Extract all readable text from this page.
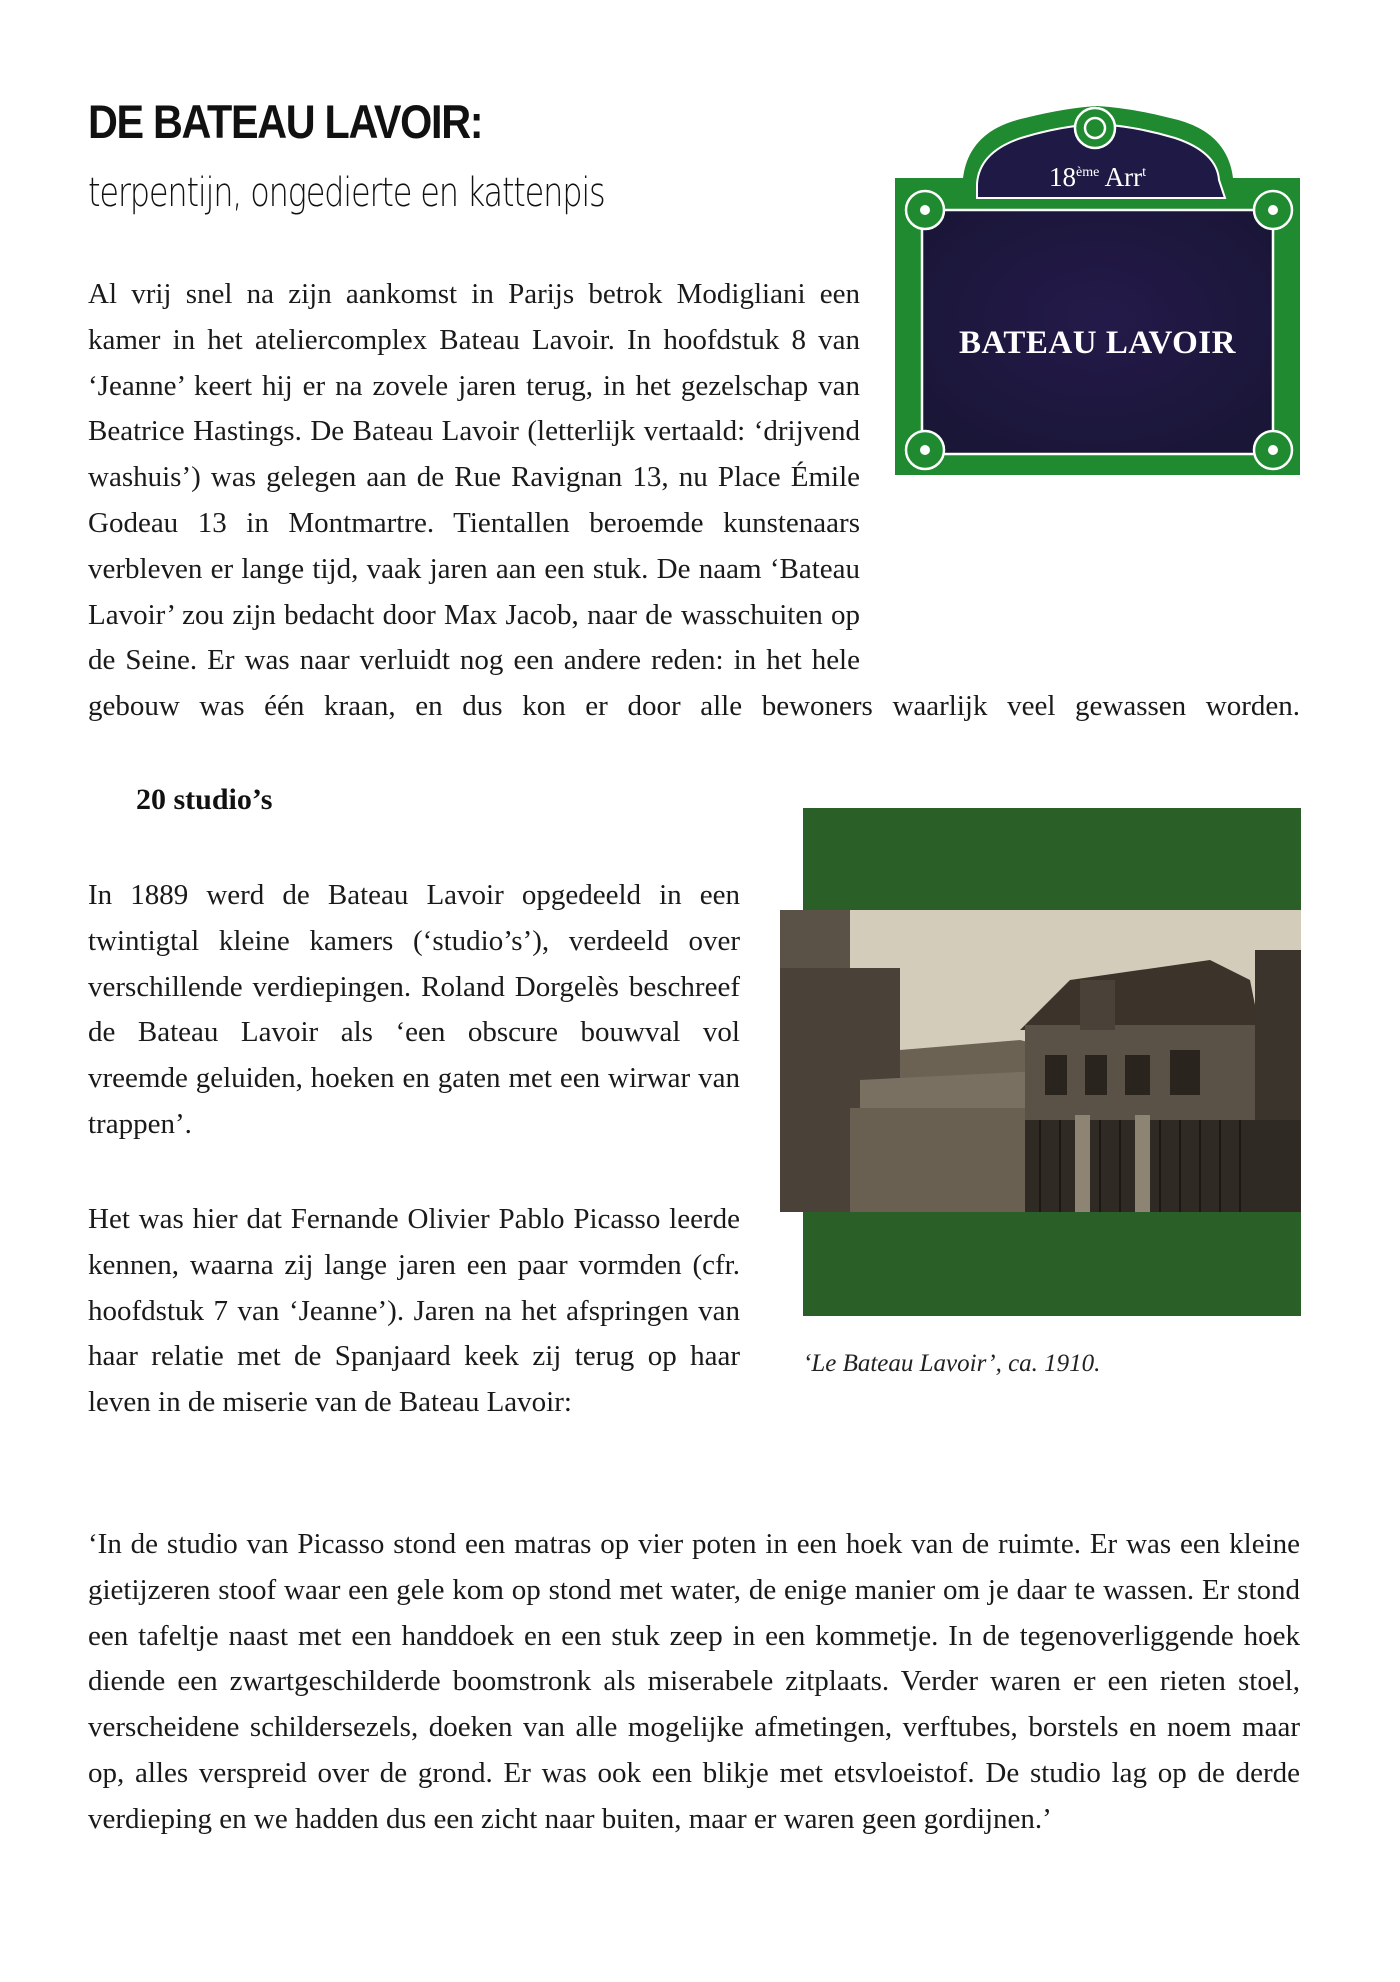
DE BATEAU LAVOIR:
terpentijn, ongedierte en kattenpis	18ème Arr$^t$
BATEAU LAVOIR

Al vrij snel na zijn aankomst in Parijs betrok Modigliani een kamer in het ateliercomplex Bateau Lavoir. In hoofdstuk 8 van ‘Jeanne’ keert hij er na zovele jaren terug, in het gezelschap van Beatrice Hastings. De Bateau Lavoir (letterlijk vertaald: ‘drijvend washuis’) was gelegen aan de Rue Ravignan 13, nu Place Émile Godeau 13 in Montmartre. Tientallen beroemde kunstenaars verbleven er lange tijd, vaak jaren aan een stuk. De naam ‘Bateau Lavoir’ zou zijn bedacht door Max Jacob, naar de wasschuiten op de Seine. Er was naar verluidt nog een andere reden: in het hele gebouw was één kraan, en dus kon er door alle bewoners waarlijk veel gewassen worden.

20 studio’s

In 1889 werd de Bateau Lavoir opgedeeld in een twintigtal kleine kamers (‘studio’s’), verdeeld over verschillende verdiepingen. Roland Dorgelès beschreef de Bateau Lavoir als ‘een obscure bouwval vol vreemde geluiden, hoeken en gaten met een wirwar van trappen’.

Het was hier dat Fernande Olivier Pablo Picasso leerde kennen, waarna zij lange jaren een paar vormden (cfr. hoofdstuk 7 van ‘Jeanne’). Jaren na het afspringen van haar relatie met de Spanjaard keek zij terug op haar leven in de miserie van de Bateau Lavoir:

‘Le Bateau Lavoir’, ca. 1910.

‘In de studio van Picasso stond een matras op vier poten in een hoek van de ruimte. Er was een kleine gietijzeren stoof waar een gele kom op stond met water, de enige manier om je daar te wassen. Er stond een tafeltje naast met een handdoek en een stuk zeep in een kommetje. In de tegenoverliggende hoek diende een zwartgeschilderde boomstronk als miserabele zitplaats. Verder waren er een rieten stoel, verscheidene schildersezels, doeken van alle mogelijke afmetingen, verftubes, borstels en noem maar op, alles verspreid over de grond. Er was ook een blikje met etsvloeistof. De studio lag op de derde verdieping en we hadden dus een zicht naar buiten, maar er waren geen gordijnen.’
